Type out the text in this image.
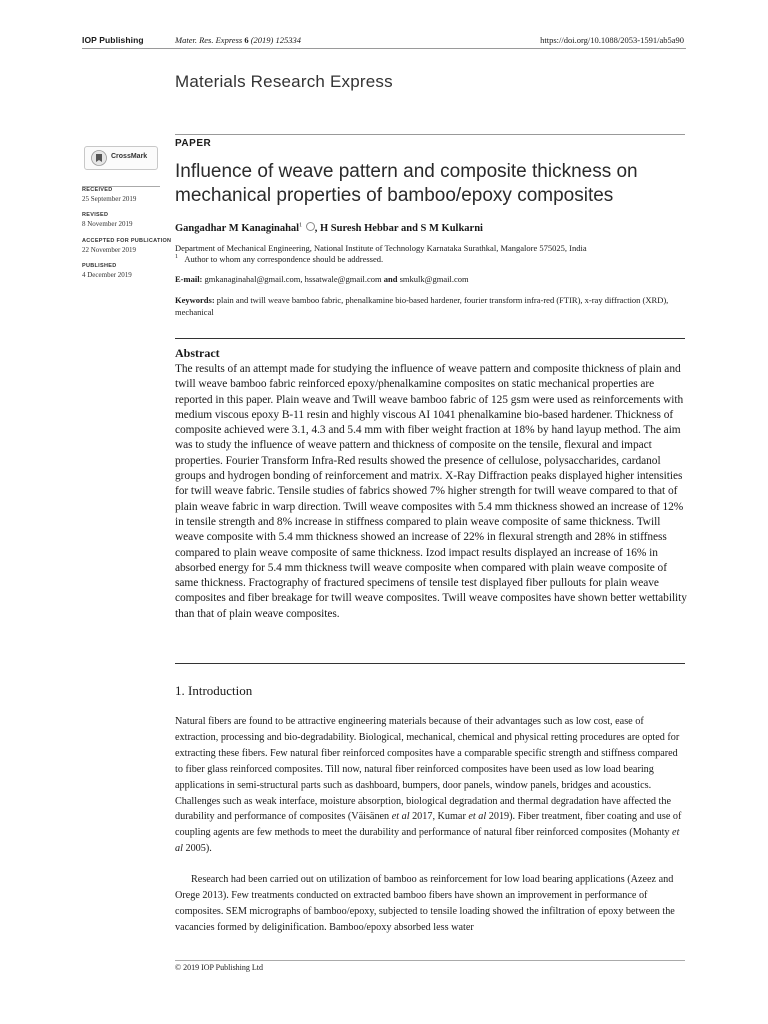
IOP Publishing	Mater. Res. Express 6 (2019) 125334	https://doi.org/10.1088/2053-1591/ab5a90
Materials Research Express
PAPER
CrossMark
RECEIVED
25 September 2019
REVISED
8 November 2019
ACCEPTED FOR PUBLICATION
22 November 2019
PUBLISHED
4 December 2019
Influence of weave pattern and composite thickness on mechanical properties of bamboo/epoxy composites
Gangadhar M Kanaginahal$^1$ , H Suresh Hebbar and S M Kulkarni
Department of Mechanical Engineering, National Institute of Technology Karnataka Surathkal, Mangalore 575025, India
$^1$ Author to whom any correspondence should be addressed.
E-mail: gmkanaginahal@gmail.com, hssatwale@gmail.com and smkulk@gmail.com
Keywords: plain and twill weave bamboo fabric, phenalkamine bio-based hardener, fourier transform infra-red (FTIR), x-ray diffraction (XRD), mechanical
Abstract

The results of an attempt made for studying the influence of weave pattern and composite thickness of plain and twill weave bamboo fabric reinforced epoxy/phenalkamine composites on static mechanical properties are reported in this paper. Plain weave and Twill weave bamboo fabric of 125 gsm were used as reinforcements with medium viscous epoxy B-11 resin and highly viscous AI 1041 phenalkamine bio-based hardener. Thickness of composite achieved were 3.1, 4.3 and 5.4 mm with fiber weight fraction at 18% by hand layup method. The aim was to study the influence of weave pattern and thickness of composite on the tensile, flexural and impact properties. Fourier Transform Infra-Red results showed the presence of cellulose, polysaccharides, cardanol groups and hydrogen bonding of reinforcement and matrix. X-Ray Diffraction peaks displayed higher intensities for twill weave fabric. Tensile studies of fabrics showed 7% higher strength for twill weave compared to that of plain weave fabric in warp direction. Twill weave composites with 5.4 mm thickness showed an increase of 12% in tensile strength and 8% increase in stiffness compared to plain weave composite of same thickness. Twill weave composite with 5.4 mm thickness showed an increase of 22% in flexural strength and 28% in stiffness compared to plain weave composite of same thickness. Izod impact results displayed an increase of 16% in absorbed energy for 5.4 mm thickness twill weave composite when compared with plain weave composite of same thickness. Fractography of fractured specimens of tensile test displayed fiber pullouts for plain weave composites and fiber breakage for twill weave composites. Twill weave composites have shown better wettability than that of plain weave composites.

1. Introduction

Natural fibers are found to be attractive engineering materials because of their advantages such as low cost, ease of extraction, processing and bio-degradability. Biological, mechanical, chemical and physical retting procedures are opted for extracting these fibers. Few natural fiber reinforced composites have a comparable specific strength and stiffness compared to fiber glass reinforced composites. Till now, natural fiber reinforced composites have been used as low load bearing applications in semi-structural parts such as dashboard, bumpers, door panels, window panels, bridges and acoustics. Challenges such as weak interface, moisture absorption, biological degradation and thermal degradation have affected the durability and performance of composites (Väisänen et al 2017, Kumar et al 2019). Fiber treatment, fiber coating and use of coupling agents are few methods to meet the durability and performance of natural fiber reinforced composites (Mohanty et al 2005).

Research had been carried out on utilization of bamboo as reinforcement for low load bearing applications (Azeez and Orege 2013). Few treatments conducted on extracted bamboo fibers have shown an improvement in performance of composites. SEM micrographs of bamboo/epoxy, subjected to tensile loading showed the infiltration of epoxy between the vacancies formed by deliginification. Bamboo/epoxy absorbed less water

© 2019 IOP Publishing Ltd
